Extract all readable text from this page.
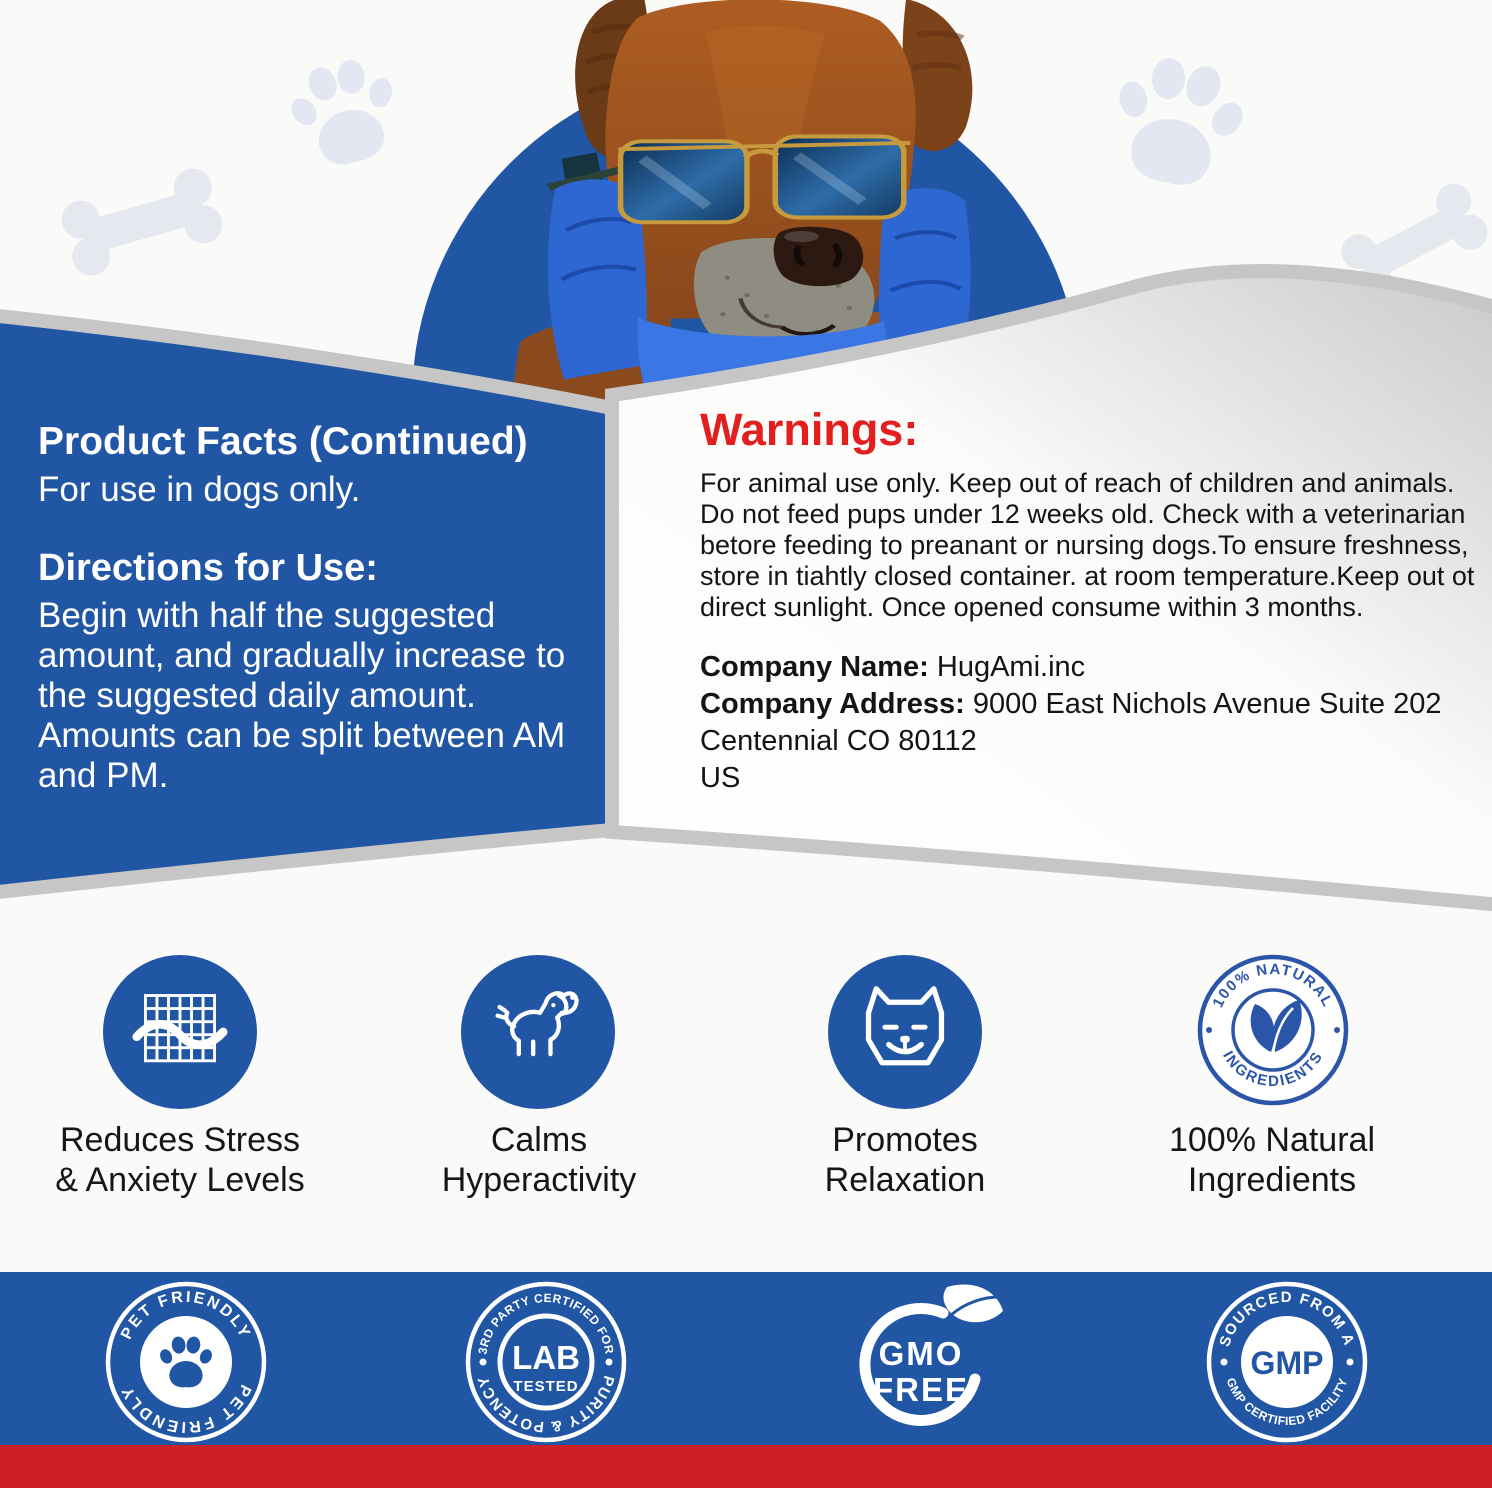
Product Facts (Continued)

For use in dogs only.

Directions for Use:

Begin with half the suggested amount, and gradually increase to the suggested daily amount. Amounts can be split between AM and PM.

Warnings:

For animal use only. Keep out of reach of children and animals. Do not feed pups under 12 weeks old. Check with a veterinarian betore feeding to preanant or nursing dogs.To ensure freshness, store in tiahtly closed container. at room temperature.Keep out ot direct sunlight. Once opened consume within 3 months.

Company Name: HugAmi.inc
Company Address: 9000 East Nichols Avenue Suite 202
Centennial CO 80112
US
100% NATURAL
INGREDIENTS
Reduces Stress
& Anxiety Levels
Calms
Hyperactivity
Promotes
Relaxation
100% Natural
Ingredients
PET FRIENDLY
PET FRIENDLY
LAB
TESTED
3RD PARTY CERTIFIED FOR
PURITY & POTENCY
GMO
FREE
GMP
SOURCED FROM A
GMP CERTIFIED FACILITY
